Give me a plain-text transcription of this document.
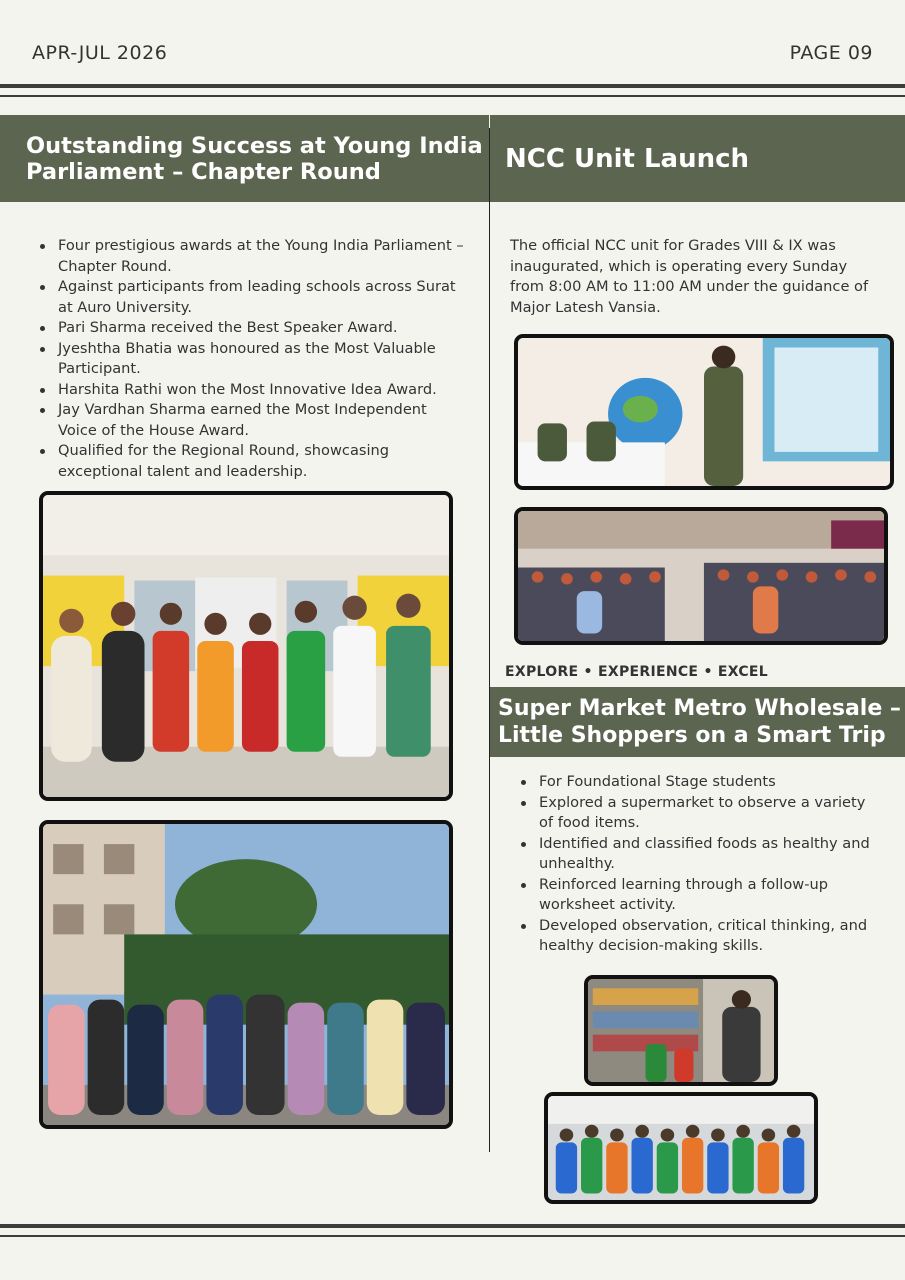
APR-JUL 2026	PAGE 09
Outstanding Success at Young India
Parliament – Chapter Round	NCC Unit Launch
Four prestigious awards at the Young India Parliament –
Chapter Round.
Against participants from leading schools across Surat
at Auro University.
Pari Sharma received the Best Speaker Award.
Jyeshtha Bhatia was honoured as the Most Valuable
Participant.
Harshita Rathi won the Most Innovative Idea Award.
Jay Vardhan Sharma earned the Most Independent
Voice of the House Award.
Qualified for the Regional Round, showcasing
exceptional talent and leadership.
The official NCC unit for Grades VIII & IX was
inaugurated, which is operating every Sunday
from 8:00 AM to 11:00 AM under the guidance of
Major Latesh Vansia.
EXPLORE • EXPERIENCE • EXCEL
Super Market Metro Wholesale –
Little Shoppers on a Smart Trip
For Foundational Stage students
Explored a supermarket to observe a variety
of food items.
Identified and classified foods as healthy and
unhealthy.
Reinforced learning through a follow-up
worksheet activity.
Developed observation, critical thinking, and
healthy decision-making skills.
